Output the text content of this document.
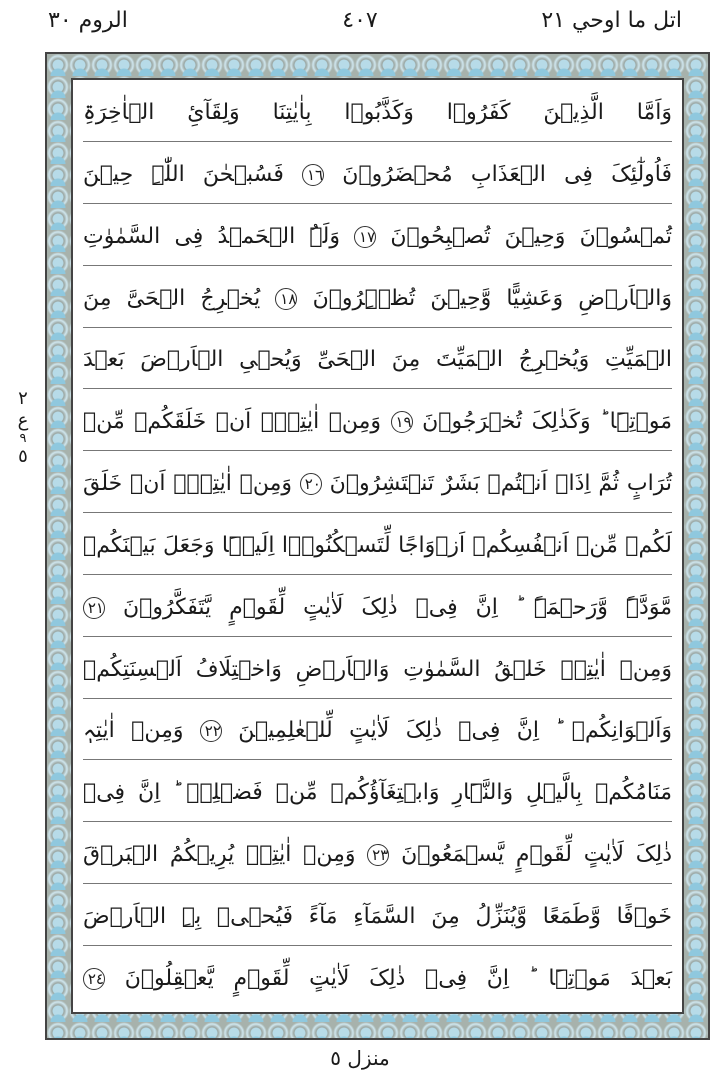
اتل ما اوحي ٢١
٤٠٧
الروم ٣٠
٢
ع
٩
٥
وَاَمَّا الَّذِیۡنَ کَفَرُوۡا وَکَذَّبُوۡا بِاٰیٰتِنَا وَلِقَآئِ الۡاٰخِرَۃِ
فَاُولٰٓئِکَ فِی الۡعَذَابِ مُحۡضَرُوۡنَ ١٦ فَسُبۡحٰنَ اللّٰہِ حِیۡنَ
تُمۡسُوۡنَ وَحِیۡنَ تُصۡبِحُوۡنَ ١٧ وَلَہُ الۡحَمۡدُ فِی السَّمٰوٰتِ
وَالۡاَرۡضِ وَعَشِیًّا وَّحِیۡنَ تُظۡہِرُوۡنَ ١٨ یُخۡرِجُ الۡحَیَّ مِنَ
الۡمَیِّتِ وَیُخۡرِجُ الۡمَیِّتَ مِنَ الۡحَیِّ وَیُحۡیِ الۡاَرۡضَ بَعۡدَ
مَوۡتِہَا ؕ وَکَذٰلِکَ تُخۡرَجُوۡنَ ١٩ وَمِنۡ اٰیٰتِہٖۤ اَنۡ خَلَقَکُمۡ مِّنۡ
تُرَابٍ ثُمَّ اِذَاۤ اَنۡتُمۡ بَشَرٌ تَنۡتَشِرُوۡنَ ٢٠ وَمِنۡ اٰیٰتِہٖۤ اَنۡ خَلَقَ
لَکُمۡ مِّنۡ اَنۡفُسِکُمۡ اَزۡوَاجًا لِّتَسۡکُنُوۡۤا اِلَیۡہَا وَجَعَلَ بَیۡنَکُمۡ
مَّوَدَّۃً وَّرَحۡمَۃً ؕ اِنَّ فِیۡ ذٰلِکَ لَاٰیٰتٍ لِّقَوۡمٍ یَّتَفَکَّرُوۡنَ ٢١
وَمِنۡ اٰیٰتِہٖ خَلۡقُ السَّمٰوٰتِ وَالۡاَرۡضِ وَاخۡتِلَافُ اَلۡسِنَتِکُمۡ
وَاَلۡوَانِکُمۡ ؕ اِنَّ فِیۡ ذٰلِکَ لَاٰیٰتٍ لِّلۡعٰلِمِیۡنَ ٢٢ وَمِنۡ اٰیٰتِہٖ
مَنَامُکُمۡ بِالَّیۡلِ وَالنَّہَارِ وَابۡتِغَآؤُکُمۡ مِّنۡ فَضۡلِہٖ ؕ اِنَّ فِیۡ
ذٰلِکَ لَاٰیٰتٍ لِّقَوۡمٍ یَّسۡمَعُوۡنَ ٢٣ وَمِنۡ اٰیٰتِہٖ یُرِیۡکُمُ الۡبَرۡقَ
خَوۡفًا وَّطَمَعًا وَّیُنَزِّلُ مِنَ السَّمَآءِ مَآءً فَیُحۡیٖ بِہِ الۡاَرۡضَ
بَعۡدَ مَوۡتِہَا ؕ اِنَّ فِیۡ ذٰلِکَ لَاٰیٰتٍ لِّقَوۡمٍ یَّعۡقِلُوۡنَ ٢٤
منزل ٥
